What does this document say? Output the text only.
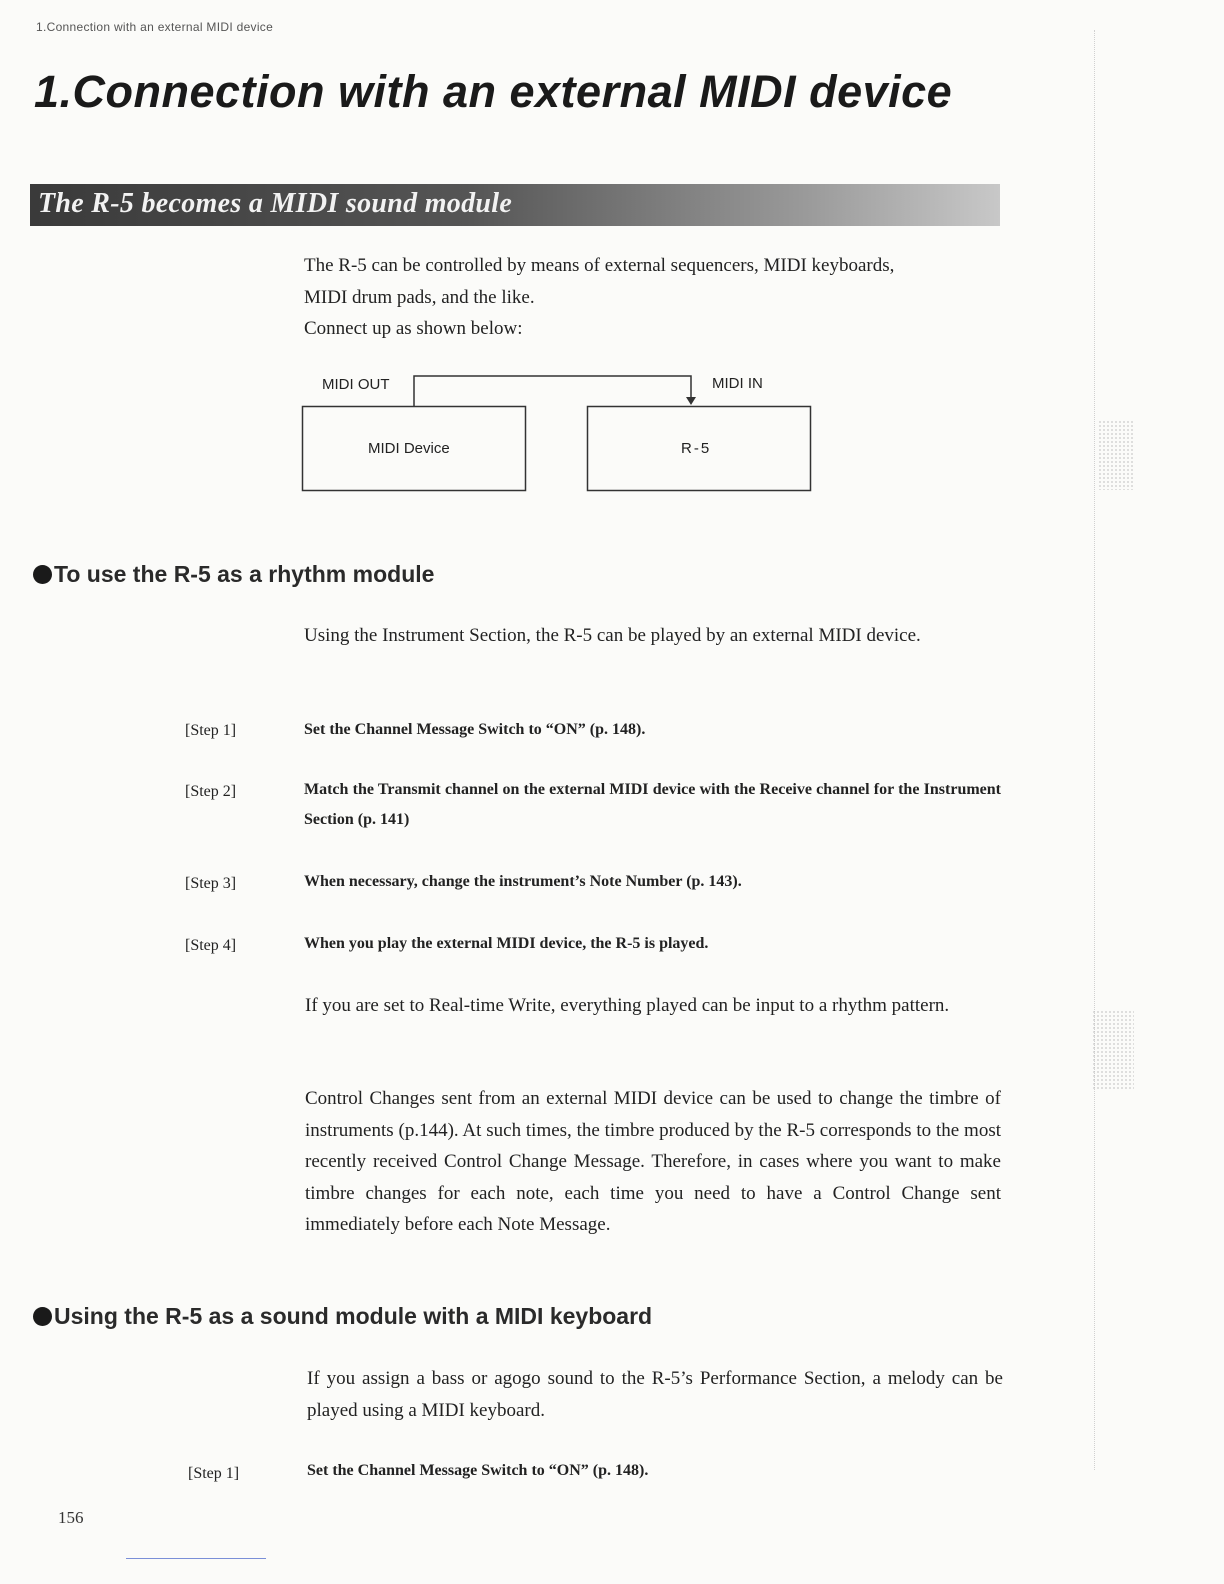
1.Connection with an external MIDI device
1.Connection with an external MIDI device
The R-5 becomes a MIDI sound module

The R-5 can be controlled by means of external sequencers, MIDI keyboards,

MIDI drum pads, and the like.

Connect up as shown below:

MIDI OUT	MIDI IN
MIDI Device	R-5

To use the R-5 as a rhythm module

Using the Instrument Section, the R-5 can be played by an external MIDI device.

[Step 1]	Set the Channel Message Switch to “ON” (p. 148).

[Step 2]	Match the Transmit channel on the external MIDI device with the Receive channel for the Instrument Section (p. 141)

[Step 3]	When necessary, change the instrument’s Note Number (p. 143).

[Step 4]	When you play the external MIDI device, the R-5 is played.

If you are set to Real-time Write, everything played can be input to a rhythm pattern.

Control Changes sent from an external MIDI device can be used to change the timbre of instruments (p.144). At such times, the timbre produced by the R-5 corresponds to the most recently received Control Change Message. Therefore, in cases where you want to make timbre changes for each note, each time you need to have a Control Change sent immediately before each Note Message.

Using the R-5 as a sound module with a MIDI keyboard

If you assign a bass or agogo sound to the R-5’s Performance Section, a melody can be played using a MIDI keyboard.

[Step 1]	Set the Channel Message Switch to “ON” (p. 148).

156
